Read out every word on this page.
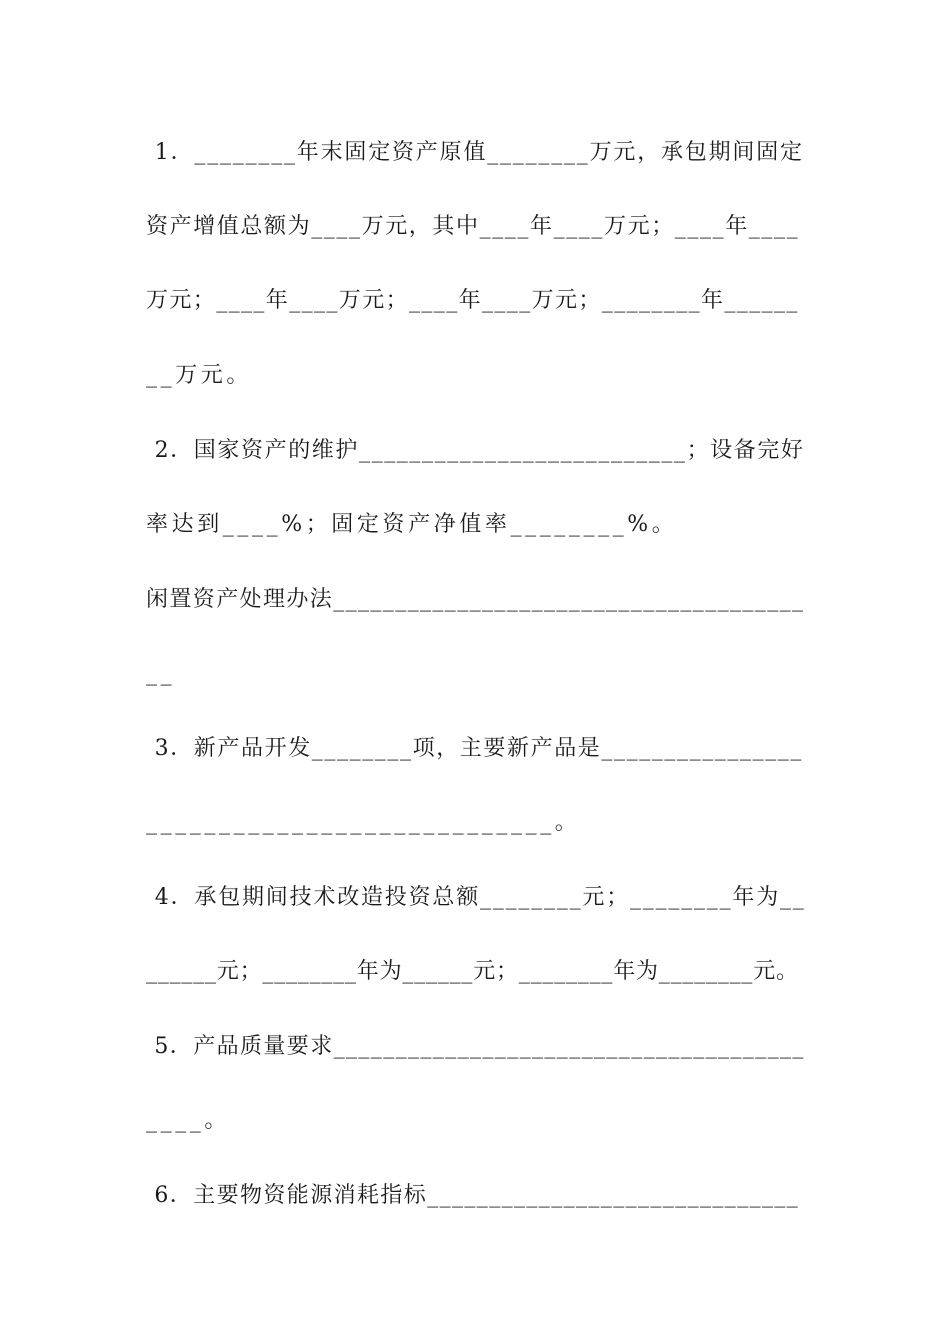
1．________年末固定资产原值________万元，承包期间固定
资产增值总额为____万元，其中____年____万元；____年____
万元；____年____万元；____年____万元；________年______
__万元。
2．国家资产的维护__________________________；设备完好
率达到____%；固定资产净值率________%。
闲置资产处理办法______________________________________
__
3．新产品开发________项，主要新产品是________________
____________________________。
4．承包期间技术改造投资总额________元；________年为__
______元；________年为______元；________年为________元。
5．产品质量要求______________________________________
____。
6．主要物资能源消耗指标______________________________
